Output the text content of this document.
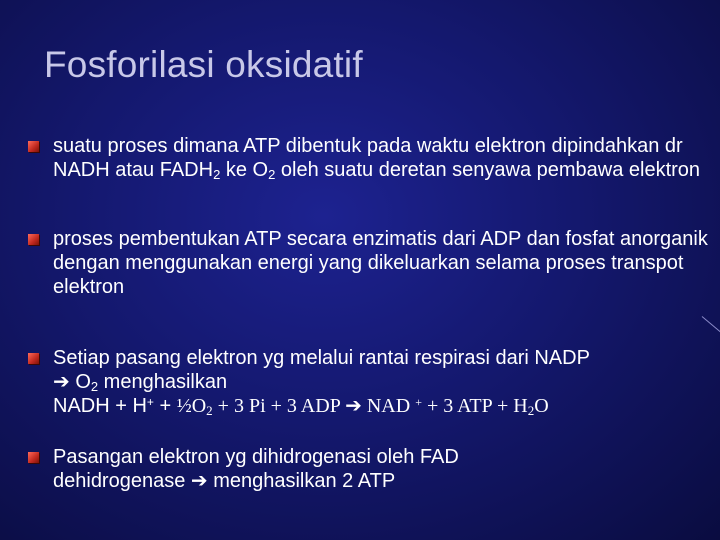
Fosforilasi oksidatif
suatu proses dimana ATP dibentuk pada waktu elektron dipindahkan dr NADH atau $FADH_2$ ke $O_2$ oleh suatu deretan senyawa pembawa elektron
proses pembentukan ATP secara enzimatis dari ADP dan fosfat anorganik dengan menggunakan energi yang dikeluarkan selama proses transpot elektron
Setiap pasang elektron yg melalui rantai respirasi dari NADP
➔ $O_2$ menghasilkan
NADH + $H^+ + \frac{1}{2}O_2 + 3$ Pi + 3 ADP ➔ NAD + + 3 ATP + $H_2O$
Pasangan elektron yg dihidrogenasi oleh FAD
dehidrogenase ➔ menghasilkan 2 ATP
